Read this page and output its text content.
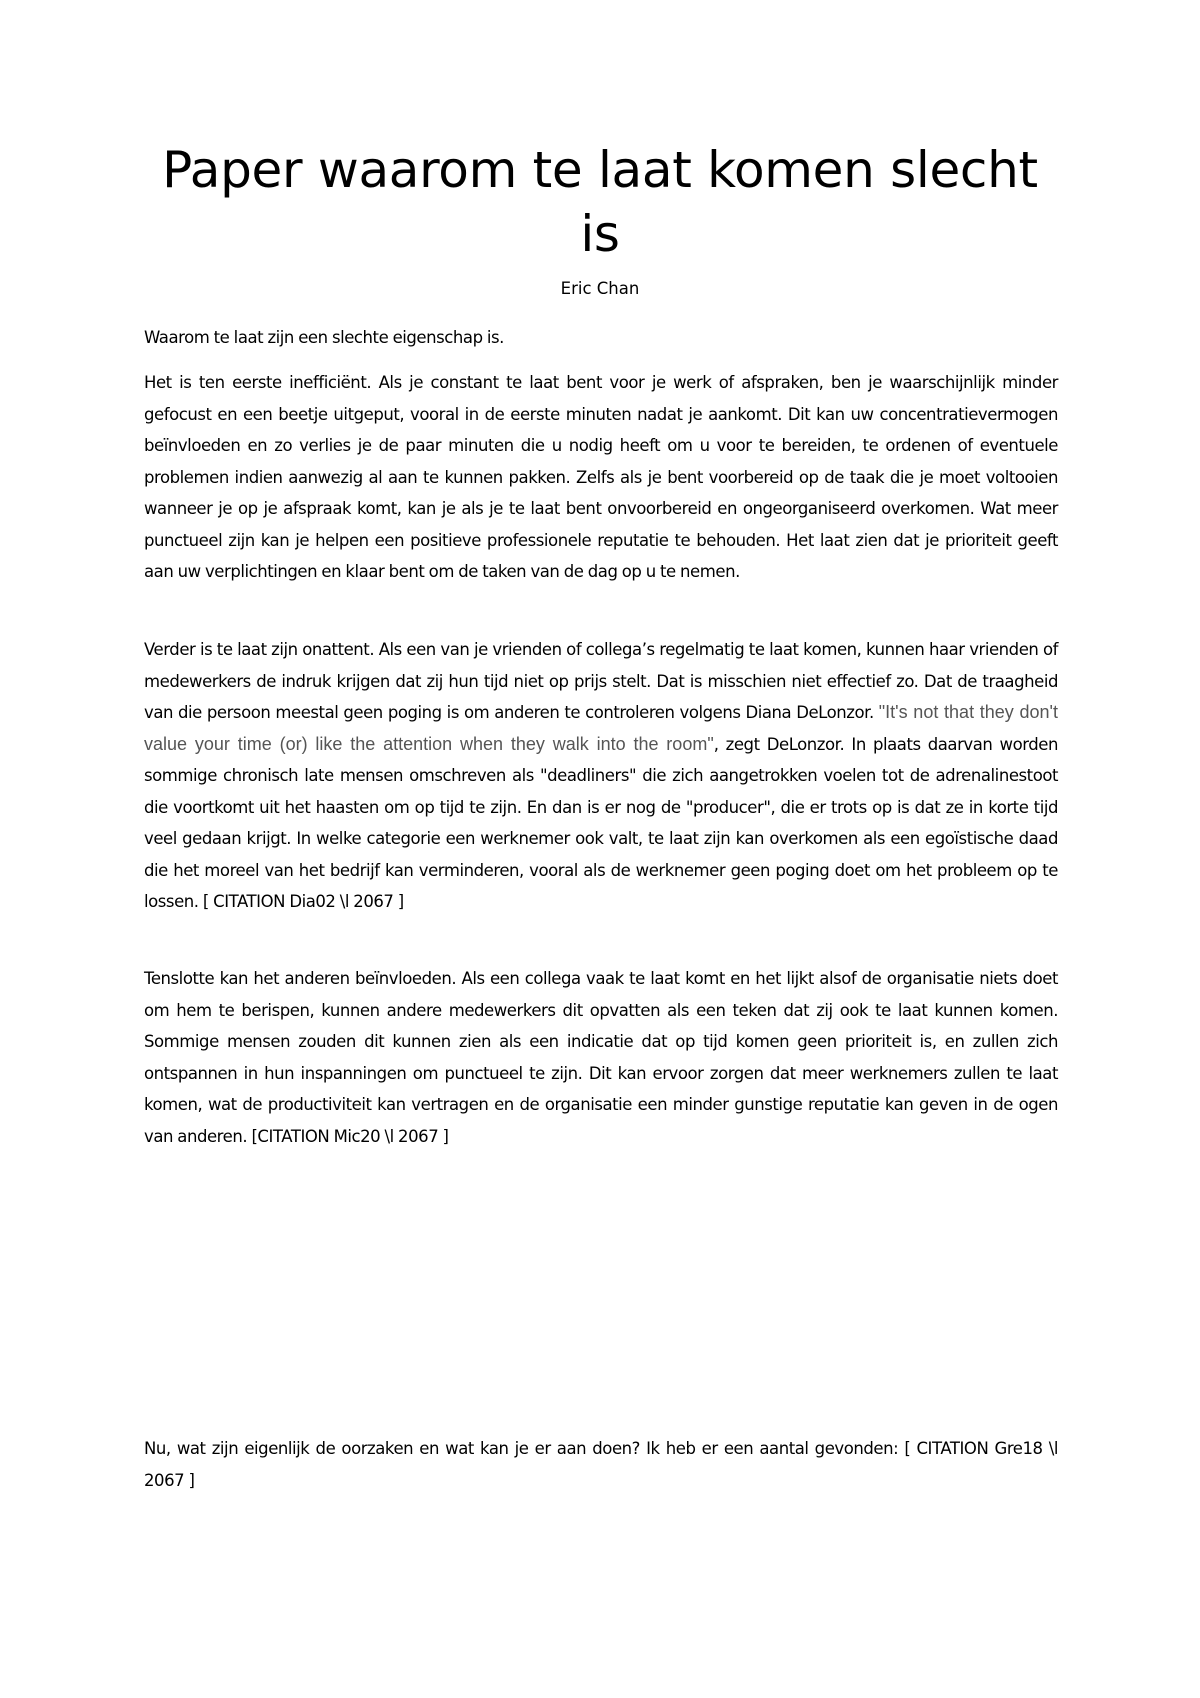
Paper waarom te laat komen slecht is
Eric Chan

Waarom te laat zijn een slechte eigenschap is.

Het is ten eerste inefficiënt. Als je constant te laat bent voor je werk of afspraken, ben je waarschijnlijk minder gefocust en een beetje uitgeput, vooral in de eerste minuten nadat je aankomt. Dit kan uw concentratievermogen beïnvloeden en zo verlies je de paar minuten die u nodig heeft om u voor te bereiden, te ordenen of eventuele problemen indien aanwezig al aan te kunnen pakken. Zelfs als je bent voorbereid op de taak die je moet voltooien wanneer je op je afspraak komt, kan je als je te laat bent onvoorbereid en ongeorganiseerd overkomen. Wat meer punctueel zijn kan je helpen een positieve professionele reputatie te behouden. Het laat zien dat je prioriteit geeft aan uw verplichtingen en klaar bent om de taken van de dag op u te nemen.

Verder is te laat zijn onattent. Als een van je vrienden of collega’s regelmatig te laat komen, kunnen haar vrienden of medewerkers de indruk krijgen dat zij hun tijd niet op prijs stelt. Dat is misschien niet effectief zo. Dat de traagheid van die persoon meestal geen poging is om anderen te controleren volgens Diana DeLonzor. "It's not that they don't value your time (or) like the attention when they walk into the room", zegt DeLonzor. In plaats daarvan worden sommige chronisch late mensen omschreven als "deadliners" die zich aangetrokken voelen tot de adrenalinestoot die voortkomt uit het haasten om op tijd te zijn. En dan is er nog de "producer", die er trots op is dat ze in korte tijd veel gedaan krijgt. In welke categorie een werknemer ook valt, te laat zijn kan overkomen als een egoïstische daad die het moreel van het bedrijf kan verminderen, vooral als de werknemer geen poging doet om het probleem op te lossen. [ CITATION Dia02 \l 2067 ]

Tenslotte kan het anderen beïnvloeden. Als een collega vaak te laat komt en het lijkt alsof de organisatie niets doet om hem te berispen, kunnen andere medewerkers dit opvatten als een teken dat zij ook te laat kunnen komen. Sommige mensen zouden dit kunnen zien als een indicatie dat op tijd komen geen prioriteit is, en zullen zich ontspannen in hun inspanningen om punctueel te zijn. Dit kan ervoor zorgen dat meer werknemers zullen te laat komen, wat de productiviteit kan vertragen en de organisatie een minder gunstige reputatie kan geven in de ogen van anderen. [CITATION Mic20 \l 2067 ]

Nu, wat zijn eigenlijk de oorzaken en wat kan je er aan doen? Ik heb er een aantal gevonden: [ CITATION Gre18 \l 2067 ]
